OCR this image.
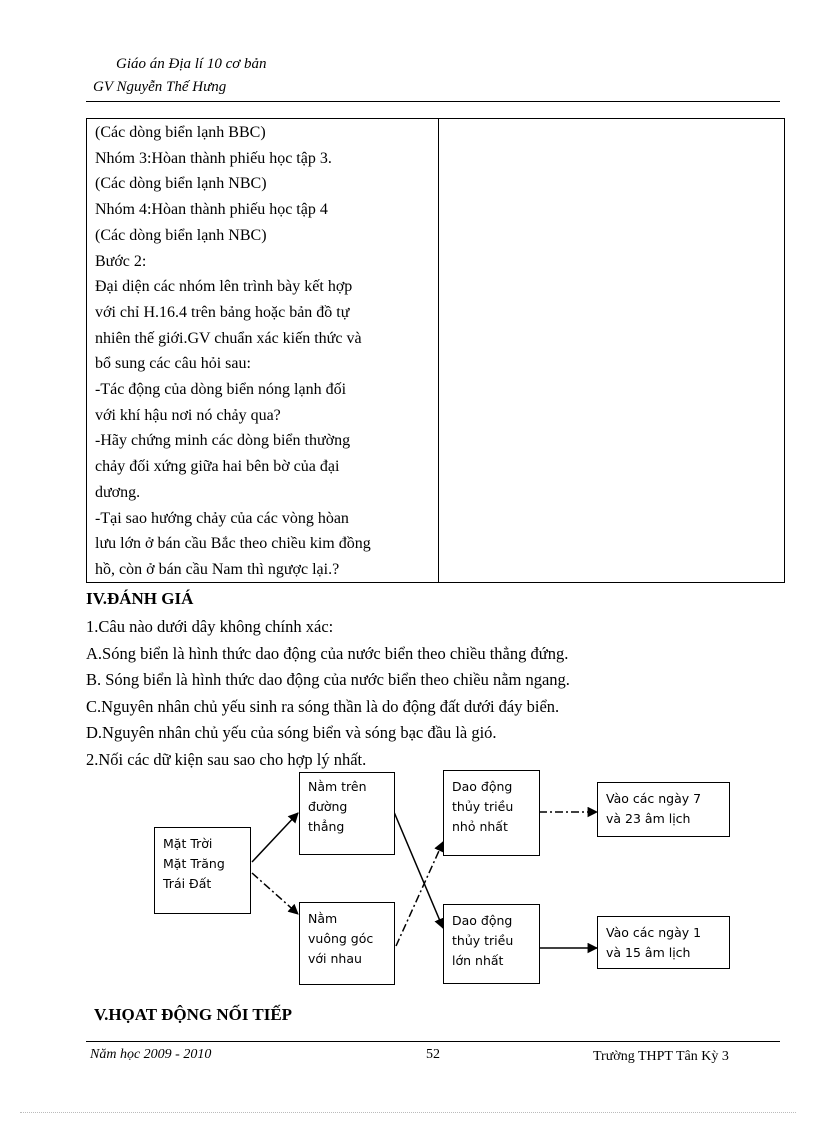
Giáo án Địa lí 10 cơ bản
GV Nguyễn Thế Hưng
(Các dòng biển lạnh BBC)
Nhóm 3:Hòan thành phiếu học tập 3.
(Các dòng biển lạnh NBC)
Nhóm 4:Hòan thành phiếu học tập 4
(Các dòng biển lạnh NBC)
Bước 2:
Đại diện các nhóm lên trình bày kết hợp
với chỉ H.16.4 trên bảng hoặc bản đồ tự
nhiên thế giới.GV chuẩn xác kiến thức và
bổ sung các câu hỏi sau:
-Tác động của dòng biển nóng lạnh đối
với khí hậu nơi nó chảy qua?
-Hãy chứng minh các dòng biển thường
chảy đối xứng giữa hai bên bờ của đại
dương.
-Tại sao hướng chảy của các vòng hòan
lưu lớn ở bán cầu Bắc theo chiều kim đồng
hồ, còn ở bán cầu Nam thì ngược lại.?
IV.ĐÁNH GIÁ
1.Câu nào dưới dây không chính xác:
A.Sóng biển là hình thức dao động của nước biển theo chiều thẳng đứng.
B. Sóng biển là hình thức dao động của nước biển theo chiều nằm ngang.
C.Nguyên nhân chủ yếu sinh ra sóng thần là do động đất dưới đáy biển.
D.Nguyên nhân chủ yếu của sóng biển và sóng bạc đầu là gió.
2.Nối các dữ kiện sau sao cho hợp lý nhất.
Mặt Trời
Mặt Trăng
Trái Đất
Nằm trên
đường
thẳng
Nằm
vuông góc
với nhau
Dao động
thủy triều
nhỏ nhất
Dao động
thủy triều
lớn nhất
Vào các ngày 7
và 23 âm lịch
Vào các ngày 1
và 15 âm lịch
V.HỌAT ĐỘNG NỐI TIẾP
Năm học 2009 - 2010	52	Trường THPT Tân Kỳ 3
